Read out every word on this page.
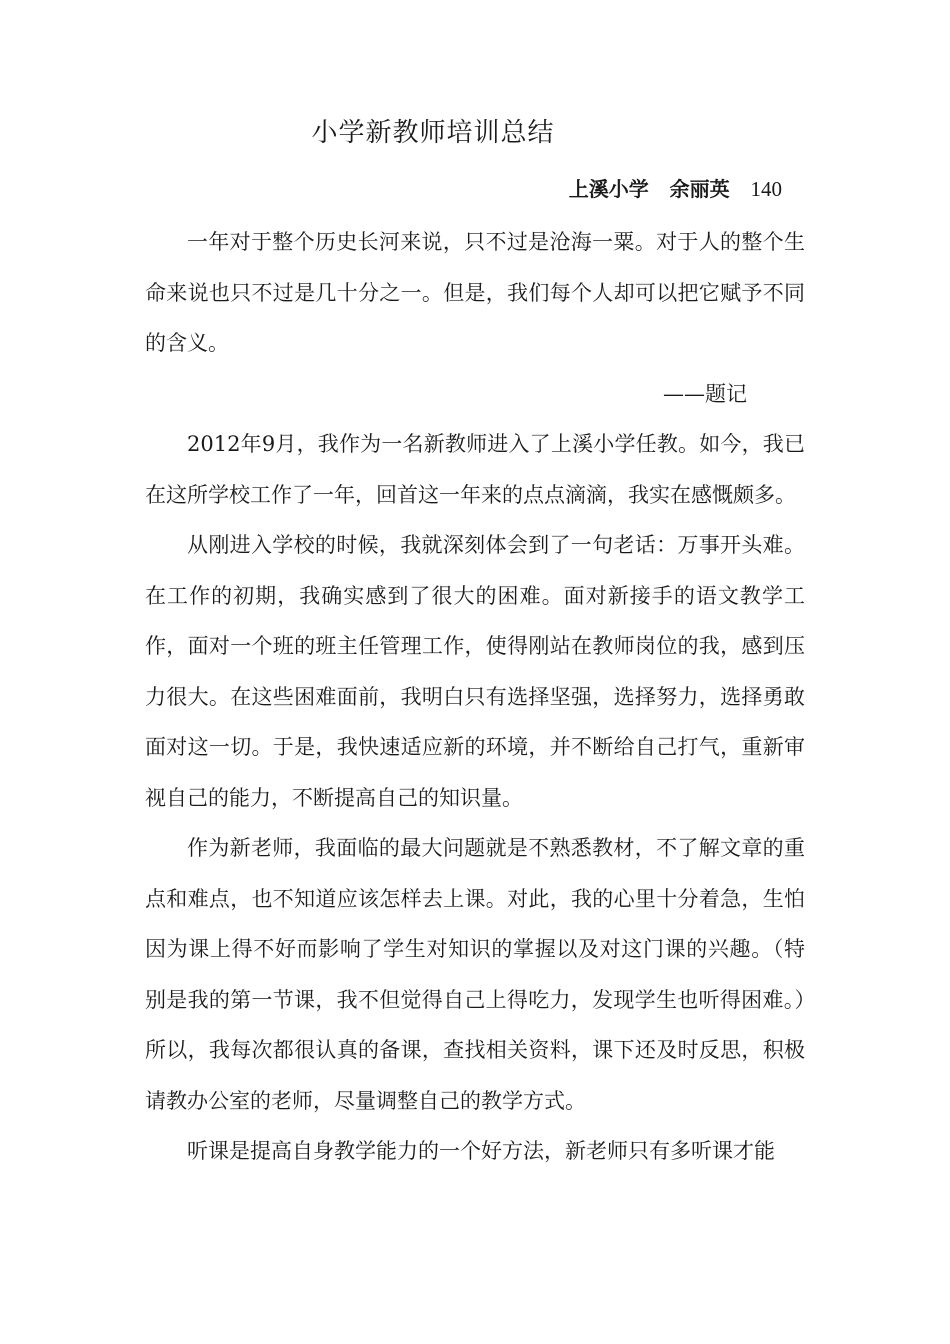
小学新教师培训总结
上溪小学 余丽英 140

一年对于整个历史长河来说，只不过是沧海一粟。对于人的整个生命来说也只不过是几十分之一。但是，我们每个人却可以把它赋予不同的含义。

——题记

2012年9月，我作为一名新教师进入了上溪小学任教。如今，我已在这所学校工作了一年，回首这一年来的点点滴滴，我实在感慨颇多。

从刚进入学校的时候，我就深刻体会到了一句老话：万事开头难。在工作的初期，我确实感到了很大的困难。面对新接手的语文教学工作，面对一个班的班主任管理工作，使得刚站在教师岗位的我，感到压力很大。在这些困难面前，我明白只有选择坚强，选择努力，选择勇敢面对这一切。于是，我快速适应新的环境，并不断给自己打气，重新审视自己的能力，不断提高自己的知识量。

作为新老师，我面临的最大问题就是不熟悉教材，不了解文章的重点和难点，也不知道应该怎样去上课。对此，我的心里十分着急，生怕因为课上得不好而影响了学生对知识的掌握以及对这门课的兴趣。（特别是我的第一节课，我不但觉得自己上得吃力，发现学生也听得困难。）所以，我每次都很认真的备课，查找相关资料，课下还及时反思，积极请教办公室的老师，尽量调整自己的教学方式。

听课是提高自身教学能力的一个好方法，新老师只有多听课才能
